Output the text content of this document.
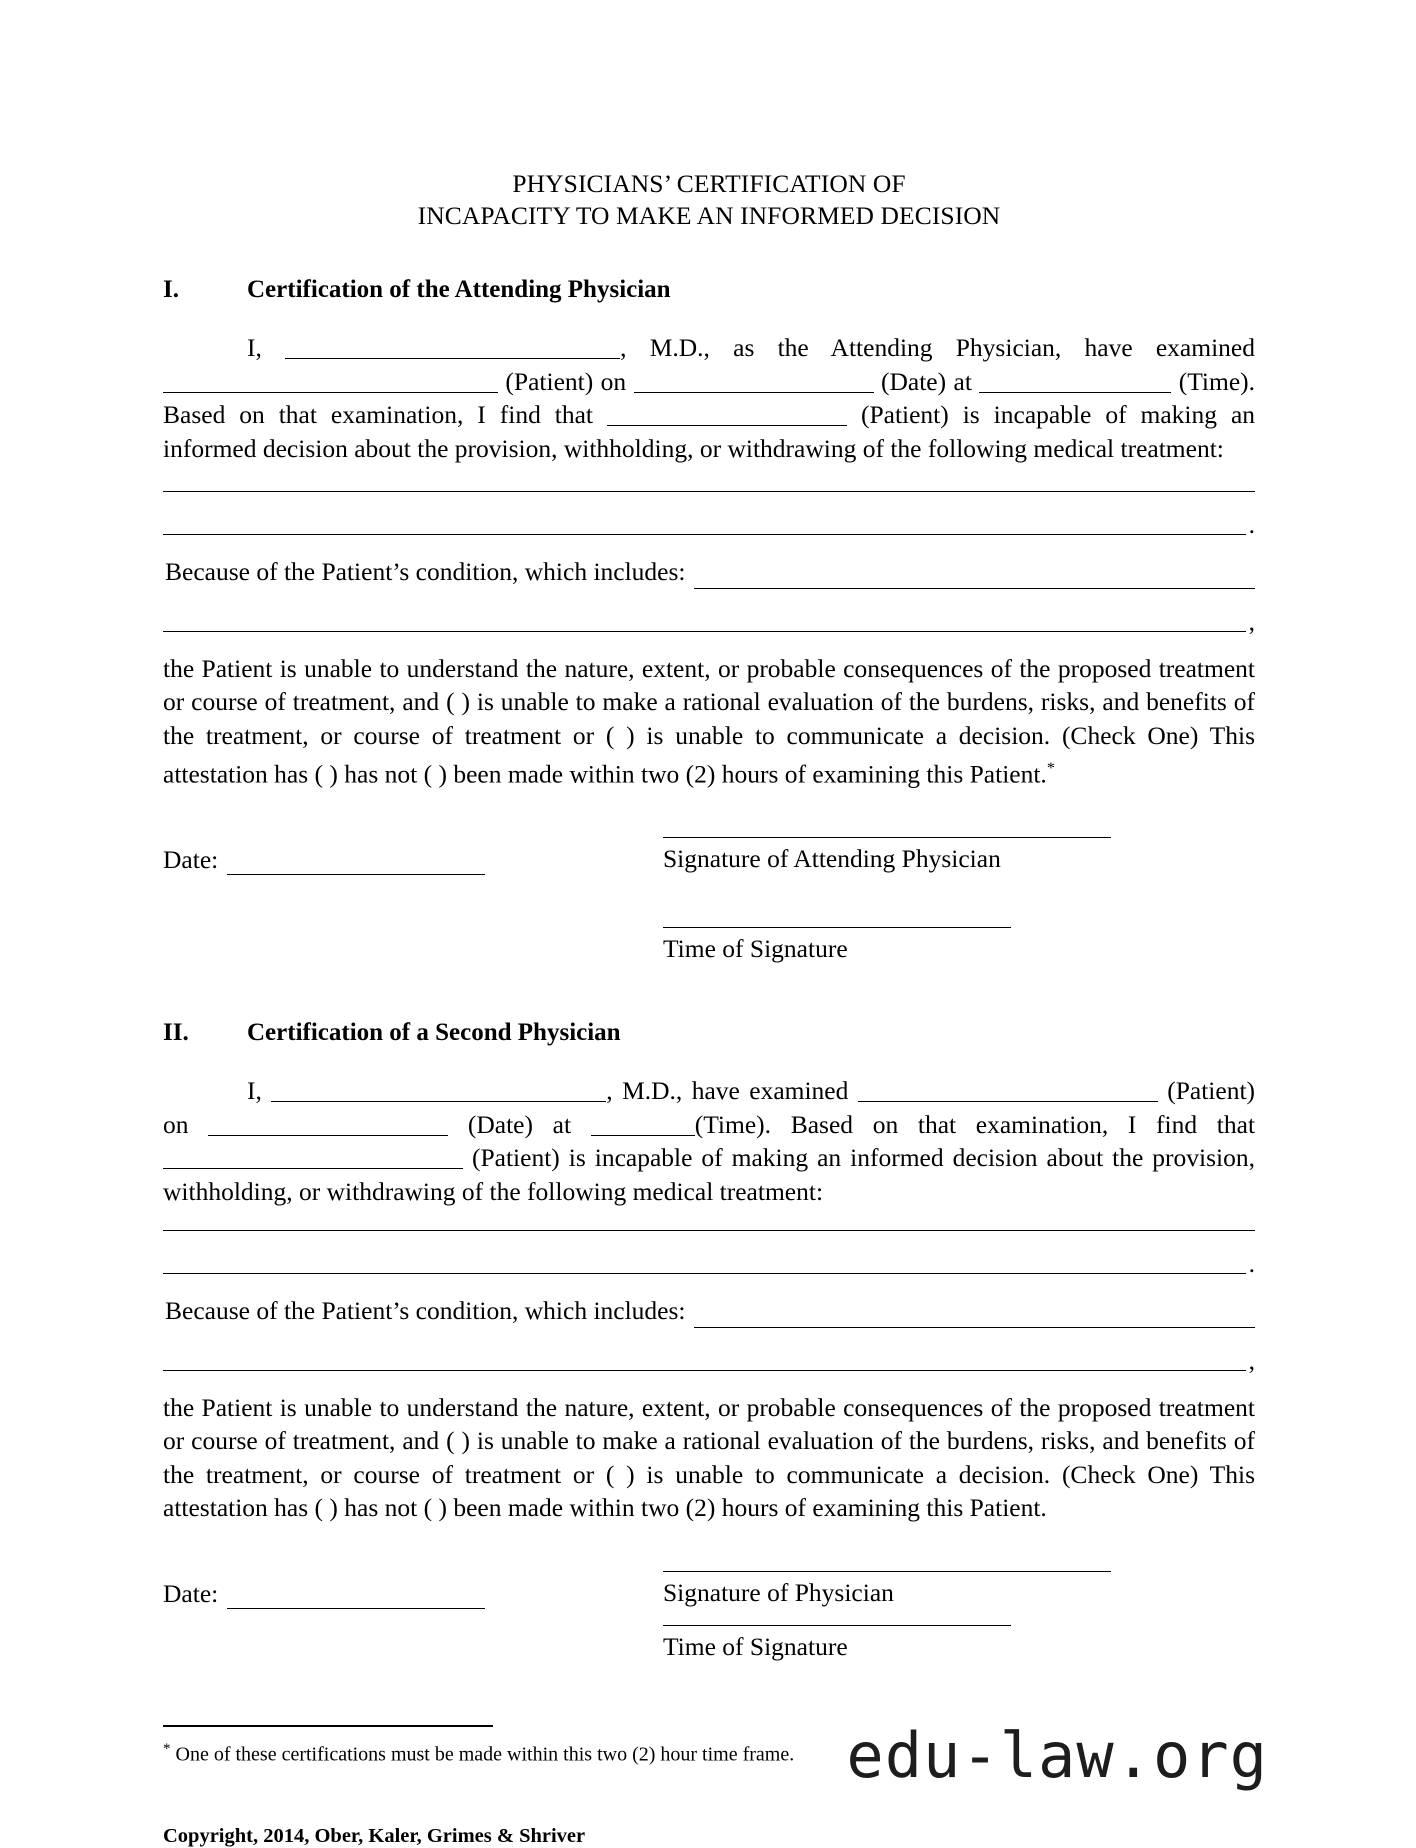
PHYSICIANS’ CERTIFICATION OF
INCAPACITY TO MAKE AN INFORMED DECISION
I.	Certification of the Attending Physician
I,	, M.D., as the Attending Physician, have examined  (Patient) on	(Date) at	(Time). Based on that examination, I find that	(Patient) is incapable of making an informed decision about the provision, withholding, or withdrawing of the following medical treatment:
.
Because of the Patient’s condition, which includes:
,
the Patient is unable to understand the nature, extent, or probable consequences of the proposed treatment or course of treatment, and ( ) is unable to make a rational evaluation of the burdens, risks, and benefits of the treatment, or course of treatment or ( ) is unable to communicate a decision. (Check One) This attestation has ( ) has not ( ) been made within two (2) hours of examining this Patient.*
Date:	Signature of Attending Physician
Time of Signature
II.	Certification of a Second Physician
I,	, M.D., have examined	(Patient) on	(Date) at	(Time). Based on that examination, I find that  (Patient) is incapable of making an informed decision about the provision, withholding, or withdrawing of the following medical treatment:
.
Because of the Patient’s condition, which includes:
,
the Patient is unable to understand the nature, extent, or probable consequences of the proposed treatment or course of treatment, and ( ) is unable to make a rational evaluation of the burdens, risks, and benefits of the treatment, or course of treatment or ( ) is unable to communicate a decision. (Check One) This attestation has ( ) has not ( ) been made within two (2) hours of examining this Patient.
Date:	Signature of Physician
Time of Signature
* One of these certifications must be made within this two (2) hour time frame.
Copyright, 2014, Ober, Kaler, Grimes & Shriver
edu-law.org
